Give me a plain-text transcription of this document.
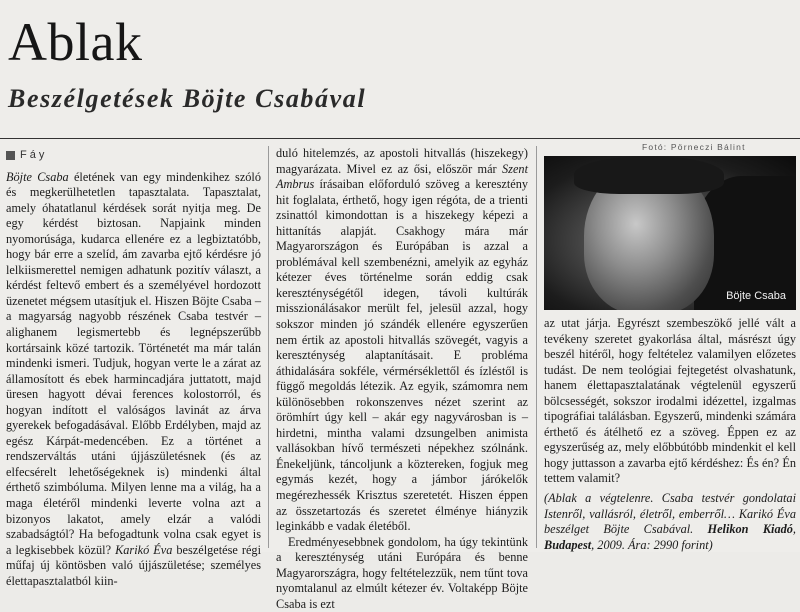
Ablak
Beszélgetések Böjte Csabával
Fáy

Böjte Csaba életének van egy mindenkihez szóló és megkerülhetetlen tapasztalata. Tapasztalat, amely óhatatlanul kérdések sorát nyitja meg. De egy kérdést biztosan. Napjaink minden nyomorúsága, kudarca ellenére ez a legbiztatóbb, hogy bár erre a szelíd, ám zavarba ejtő kérdésre jó lelkiismerettel nemigen adhatunk pozitív választ, a kérdést feltevő embert és a személyével hordozott üzenetet mégsem utasítjuk el. Hiszen Böjte Csaba – a magyarság nagyobb részének Csaba testvér – alighanem legismertebb és legnépszerűbb kortársaink közé tartozik. Történetét ma már talán mindenki ismeri. Tudjuk, hogyan verte le a zárat az államosított és ebek harmincadjára juttatott, majd üresen hagyott dévai ferences kolostorról, és hogyan indított el valóságos lavinát az árva gyerekek befogadásával. Előbb Erdélyben, majd az egész Kárpát-medencében. Ez a történet a rendszerváltás utáni újjászületésnek (és az elfecsérelt lehetőségeknek is) mindenki által érthető szimbóluma. Milyen lenne ma a világ, ha a maga életéről mindenki leverte volna azt a bizonyos lakatot, amely elzár a valódi szabadságtól? Ha befogadtunk volna csak egyet is a legkisebbek közül? Karikó Éva beszélgetése régi műfaj új köntösben való újjászületése; személyes élettapasztalatból kiin-

duló hitelemzés, az apostoli hitvallás (hiszekegy) magyarázata. Mivel ez az ősi, először már Szent Ambrus írásaiban előforduló szöveg a keresztény hit foglalata, érthető, hogy igen régóta, de a trienti zsinattól kimondottan is a hiszekegy képezi a hittanítás alapját. Csakhogy mára már Magyarországon és Európában is azzal a problémával kell szembenézni, amelyik az egyház kétezer éves történelme során eddig csak kereszténységétől idegen, távoli kultúrák misszionálásakor merült fel, jelesül azzal, hogy sokszor minden jó szándék ellenére egyszerűen nem értik az apostoli hitvallás szövegét, vagyis a kereszténység alaptanításait. E probléma áthidalására sokféle, vérmérséklettől és ízléstől is függő megoldás létezik. Az egyik, számomra nem különösebben rokonszenves nézet szerint az örömhírt úgy kell – akár egy nagyvárosban is – hirdetni, mintha valami dzsungelben animista vallásokban hívő természeti népekhez szólnánk. Énekeljünk, táncoljunk a köztereken, fogjuk meg egymás kezét, hogy a jámbor járókelők megérezhessék Krisztus szeretetét. Hiszen éppen az összetartozás és szeretet élménye hiányzik leginkább e vadak életéből.

Eredményesebbnek gondolom, ha úgy tekintünk a kereszténység utáni Európára és benne Magyarországra, hogy feltételezzük, nem tűnt tova nyomtalanul az elmúlt kétezer év. Voltaképp Böjte Csaba is ezt

Fotó: Pörneczi Bálint
Böjte Csaba

az utat járja. Egyrészt szembeszökő jellé vált a tevékeny szeretet gyakorlása által, másrészt úgy beszél hitéről, hogy feltételez valamilyen előzetes tudást. De nem teológiai fejtegetést olvashatunk, hanem élettapasztalatának végtelenül egyszerű bölcsességét, sokszor irodalmi idézettel, izgalmas tipográfiai találásban. Egyszerű, mindenki számára érthető és átélhető ez a szöveg. Éppen ez az egyszerűség az, mely előbbútóbb mindenkit el kell hogy juttasson a zavarba ejtő kérdéshez: És én? Én tettem valamit?

(Ablak a végtelenre. Csaba testvér gondolatai Istenről, vallásról, életről, emberről… Karikó Éva beszélget Böjte Csabával. Helikon Kiadó, Budapest, 2009. Ára: 2990 forint)
